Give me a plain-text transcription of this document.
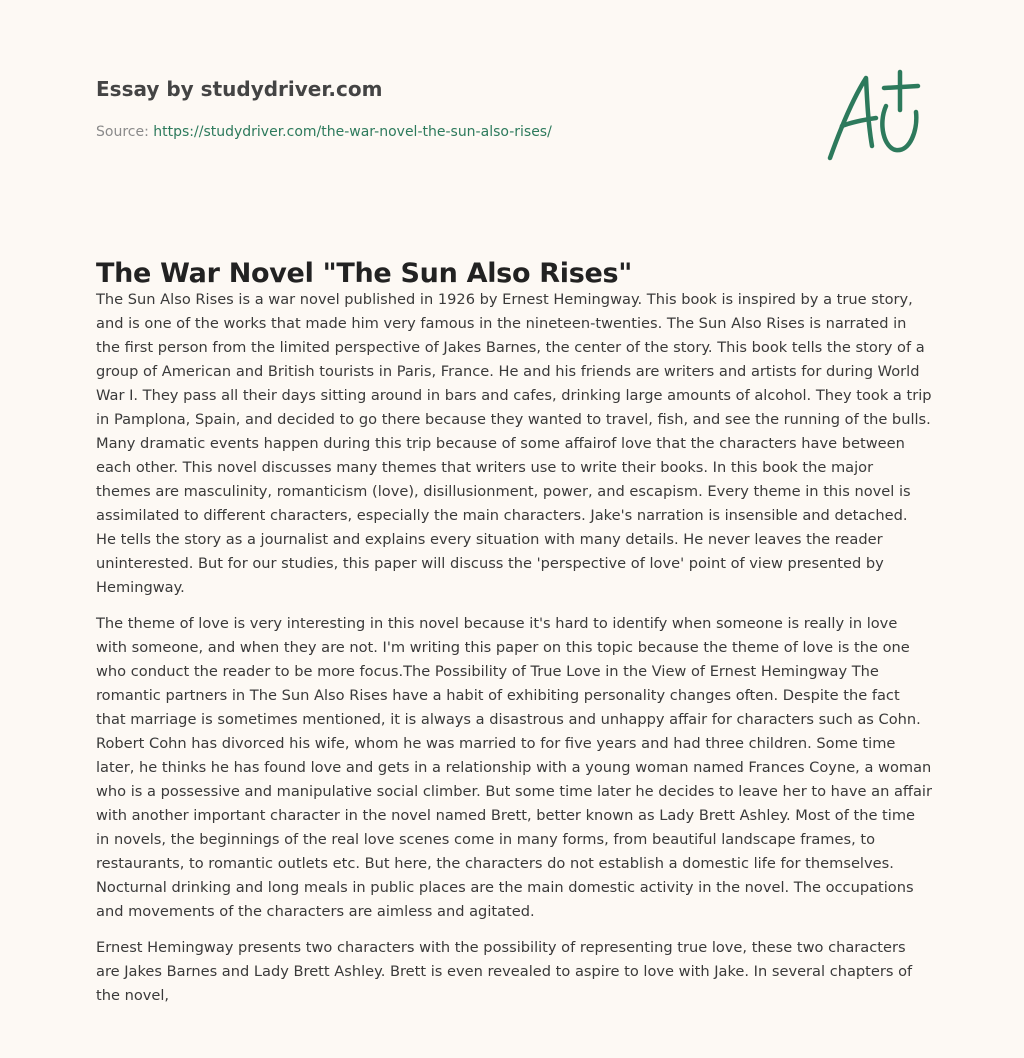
Essay by studydriver.com
Source: https://studydriver.com/the-war-novel-the-sun-also-rises/
The War Novel "The Sun Also Rises"

The Sun Also Rises is a war novel published in 1926 by Ernest Hemingway. This book is inspired by a true story, and is one of the works that made him very famous in the nineteen-twenties. The Sun Also Rises is narrated in the first person from the limited perspective of Jakes Barnes, the center of the story. This book tells the story of a group of American and British tourists in Paris, France. He and his friends are writers and artists for during World War I. They pass all their days sitting around in bars and cafes, drinking large amounts of alcohol. They took a trip in Pamplona, Spain, and decided to go there because they wanted to travel, fish, and see the running of the bulls. Many dramatic events happen during this trip because of some affairof love that the characters have between each other. This novel discusses many themes that writers use to write their books. In this book the major themes are masculinity, romanticism (love), disillusionment, power, and escapism. Every theme in this novel is assimilated to different characters, especially the main characters. Jake's narration is insensible and detached. He tells the story as a journalist and explains every situation with many details. He never leaves the reader uninterested. But for our studies, this paper will discuss the 'perspective of love' point of view presented by Hemingway.

The theme of love is very interesting in this novel because it's hard to identify when someone is really in love with someone, and when they are not. I'm writing this paper on this topic because the theme of love is the one who conduct the reader to be more focus.The Possibility of True Love in the View of Ernest Hemingway The romantic partners in The Sun Also Rises have a habit of exhibiting personality changes often. Despite the fact that marriage is sometimes mentioned, it is always a disastrous and unhappy affair for characters such as Cohn. Robert Cohn has divorced his wife, whom he was married to for five years and had three children. Some time later, he thinks he has found love and gets in a relationship with a young woman named Frances Coyne, a woman who is a possessive and manipulative social climber. But some time later he decides to leave her to have an affair with another important character in the novel named Brett, better known as Lady Brett Ashley. Most of the time in novels, the beginnings of the real love scenes come in many forms, from beautiful landscape frames, to restaurants, to romantic outlets etc. But here, the characters do not establish a domestic life for themselves. Nocturnal drinking and long meals in public places are the main domestic activity in the novel. The occupations and movements of the characters are aimless and agitated.

Ernest Hemingway presents two characters with the possibility of representing true love, these two characters are Jakes Barnes and Lady Brett Ashley. Brett is even revealed to aspire to love with Jake. In several chapters of the novel,
